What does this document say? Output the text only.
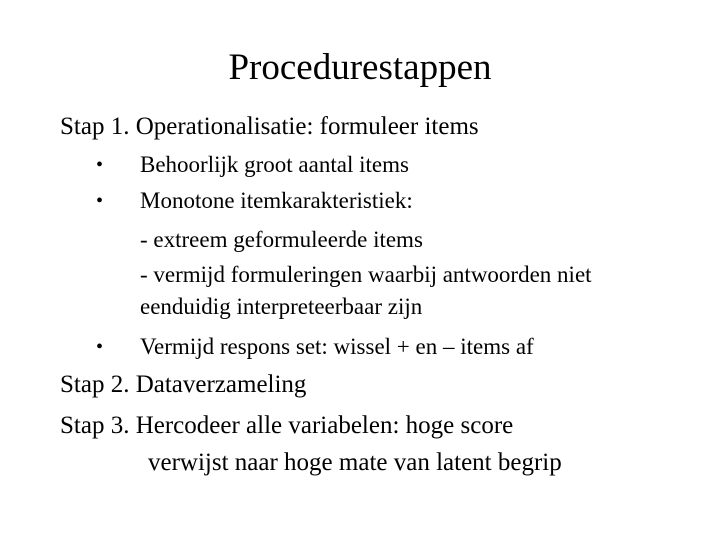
Procedurestappen
Stap 1. Operationalisatie: formuleer items
• Behoorlijk groot aantal items
• Monotone itemkarakteristiek:
- extreem geformuleerde items
- vermijd formuleringen waarbij antwoorden niet
eenduidig interpreteerbaar zijn
• Vermijd respons set: wissel + en – items af
Stap 2. Dataverzameling
Stap 3. Hercodeer alle variabelen: hoge score
verwijst naar hoge mate van latent begrip
